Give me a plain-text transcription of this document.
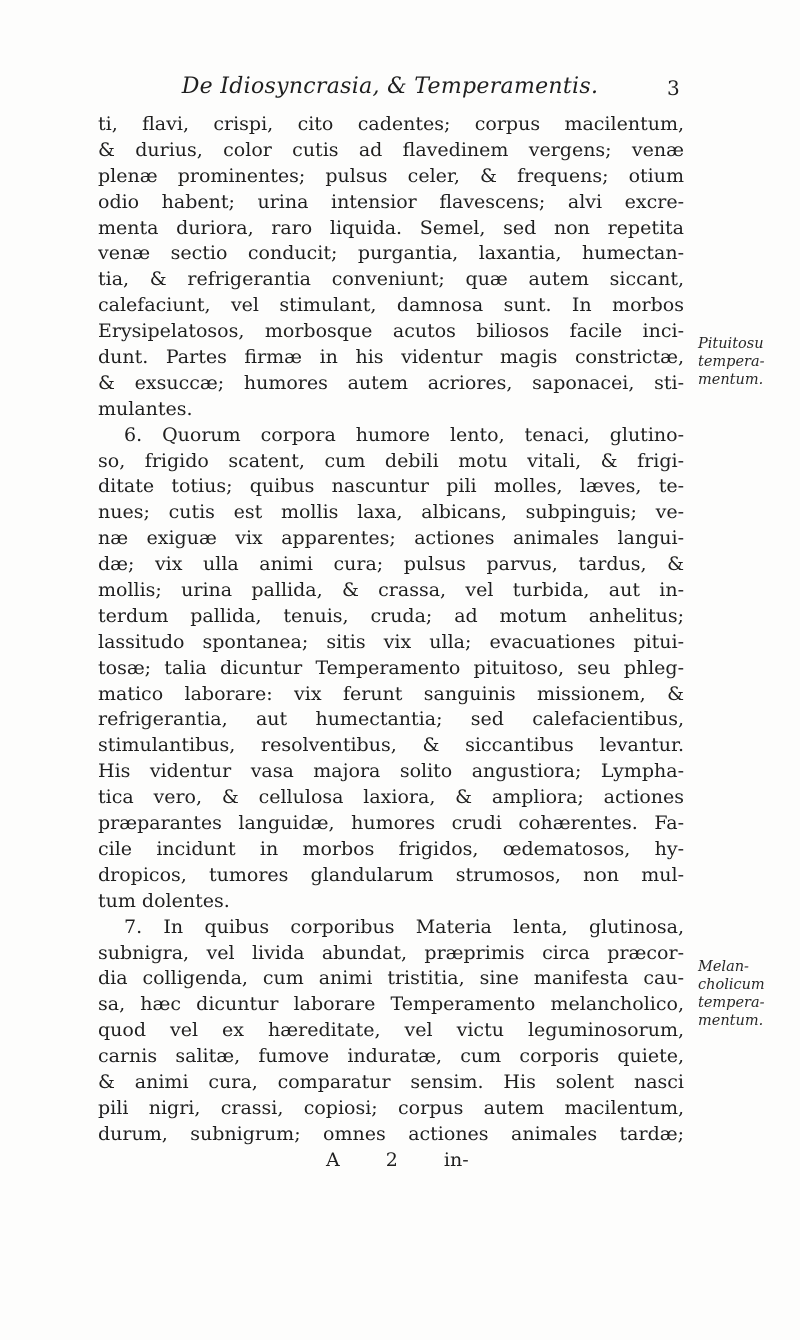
De Idiosyncrasia, & Temperamentis.	3
ti, flavi, crispi, cito cadentes; corpus macilentum,
& durius, color cutis ad flavedinem vergens; venæ
plenæ prominentes; pulsus celer, & frequens; otium
odio habent; urina intensior flavescens; alvi excre-
menta duriora, raro liquida. Semel, sed non repetita
venæ sectio conducit; purgantia, laxantia, humectan-
tia, & refrigerantia conveniunt; quæ autem siccant,
calefaciunt, vel stimulant, damnosa sunt. In morbos
Erysipelatosos, morbosque acutos biliosos facile inci-
dunt. Partes firmæ in his videntur magis constrictæ,
& exsuccæ; humores autem acriores, saponacei, sti-
mulantes.
6. Quorum corpora humore lento, tenaci, glutino-
so, frigido scatent, cum debili motu vitali, & frigi-
ditate totius; quibus nascuntur pili molles, læves, te-
nues; cutis est mollis laxa, albicans, subpinguis; ve-
næ exiguæ vix apparentes; actiones animales langui-
dæ; vix ulla animi cura; pulsus parvus, tardus, &
mollis; urina pallida, & crassa, vel turbida, aut in-
terdum pallida, tenuis, cruda; ad motum anhelitus;
lassitudo spontanea; sitis vix ulla; evacuationes pitui-
tosæ; talia dicuntur Temperamento pituitoso, seu phleg-
matico laborare: vix ferunt sanguinis missionem, &
refrigerantia, aut humectantia; sed calefacientibus,
stimulantibus, resolventibus, & siccantibus levantur.
His videntur vasa majora solito angustiora; Lympha-
tica vero, & cellulosa laxiora, & ampliora; actiones
præparantes languidæ, humores crudi cohærentes. Fa-
cile incidunt in morbos frigidos, œdematosos, hy-
dropicos, tumores glandularum strumosos, non mul-
tum dolentes.
7. In quibus corporibus Materia lenta, glutinosa,
subnigra, vel livida abundat, præprimis circa præcor-
dia colligenda, cum animi tristitia, sine manifesta cau-
sa, hæc dicuntur laborare Temperamento melancholico,
quod vel ex hæreditate, vel victu leguminosorum,
carnis salitæ, fumove induratæ, cum corporis quiete,
& animi cura, comparatur sensim. His solent nasci
pili nigri, crassi, copiosi; corpus autem macilentum,
durum, subnigrum; omnes actiones animales tardæ;
A 2 in-
Pituitosu
tempera-
mentum.
Melan-
cholicum
tempera-
mentum.
